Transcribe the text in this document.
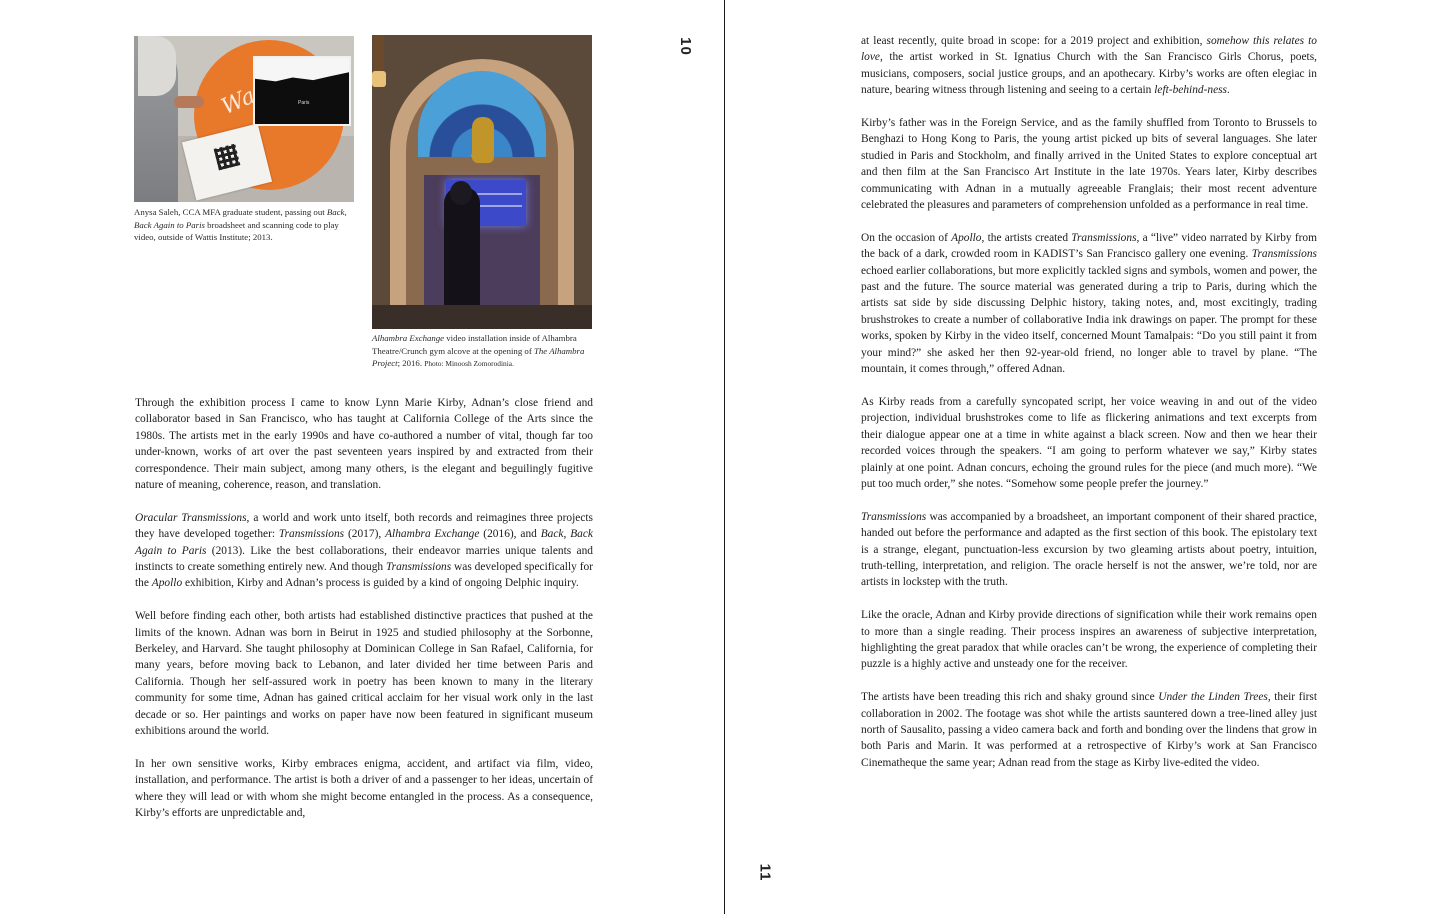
10
11
Paris

Anysa Saleh, CCA MFA graduate student, passing out Back, Back Again to Paris broadsheet and scanning code to play video, outside of Wattis Institute; 2013.

Alhambra Exchange video installation inside of Alhambra Theatre/Crunch gym alcove at the opening of The Alhambra Project; 2016. Photo: Minoosh Zomorodinia.

Through the exhibition process I came to know Lynn Marie Kirby, Adnan’s close friend and collaborator based in San Francisco, who has taught at California College of the Arts since the 1980s. The artists met in the early 1990s and have co-authored a number of vital, though far too under-known, works of art over the past seventeen years inspired by and extracted from their correspondence. Their main subject, among many others, is the elegant and beguilingly fugitive nature of meaning, coherence, reason, and translation.

Oracular Transmissions, a world and work unto itself, both records and reimagines three projects they have developed together: Transmissions (2017), Alhambra Exchange (2016), and Back, Back Again to Paris (2013). Like the best collaborations, their endeavor marries unique talents and instincts to create something entirely new. And though Transmissions was developed specifically for the Apollo exhibition, Kirby and Adnan’s process is guided by a kind of ongoing Delphic inquiry.

Well before finding each other, both artists had established distinctive practices that pushed at the limits of the known. Adnan was born in Beirut in 1925 and studied philosophy at the Sorbonne, Berkeley, and Harvard. She taught philosophy at Dominican College in San Rafael, California, for many years, before moving back to Lebanon, and later divided her time between Paris and California. Though her self-assured work in poetry has been known to many in the literary community for some time, Adnan has gained critical acclaim for her visual work only in the last decade or so. Her paintings and works on paper have now been featured in significant museum exhibitions around the world.

In her own sensitive works, Kirby embraces enigma, accident, and artifact via film, video, installation, and performance. The artist is both a driver of and a passenger to her ideas, uncertain of where they will lead or with whom she might become entangled in the process. As a consequence, Kirby’s efforts are unpredictable and,

at least recently, quite broad in scope: for a 2019 project and exhibition, somehow this relates to love, the artist worked in St. Ignatius Church with the San Francisco Girls Chorus, poets, musicians, composers, social justice groups, and an apothecary. Kirby’s works are often elegiac in nature, bearing witness through listening and seeing to a certain left-behind-ness.

Kirby’s father was in the Foreign Service, and as the family shuffled from Toronto to Brussels to Benghazi to Hong Kong to Paris, the young artist picked up bits of several languages. She later studied in Paris and Stockholm, and finally arrived in the United States to explore conceptual art and then film at the San Francisco Art Institute in the late 1970s. Years later, Kirby describes communicating with Adnan in a mutually agreeable Franglais; their most recent adventure celebrated the pleasures and parameters of comprehension unfolded as a performance in real time.

On the occasion of Apollo, the artists created Transmissions, a “live” video narrated by Kirby from the back of a dark, crowded room in KADIST’s San Francisco gallery one evening. Transmissions echoed earlier collaborations, but more explicitly tackled signs and symbols, women and power, the past and the future. The source material was generated during a trip to Paris, during which the artists sat side by side discussing Delphic history, taking notes, and, most excitingly, trading brushstrokes to create a number of collaborative India ink drawings on paper. The prompt for these works, spoken by Kirby in the video itself, concerned Mount Tamalpais: “Do you still paint it from your mind?” she asked her then 92-year-old friend, no longer able to travel by plane. “The mountain, it comes through,” offered Adnan.

As Kirby reads from a carefully syncopated script, her voice weaving in and out of the video projection, individual brushstrokes come to life as flickering animations and text excerpts from their dialogue appear one at a time in white against a black screen. Now and then we hear their recorded voices through the speakers. “I am going to perform whatever we say,” Kirby states plainly at one point. Adnan concurs, echoing the ground rules for the piece (and much more). “We put too much order,” she notes. “Somehow some people prefer the journey.”

Transmissions was accompanied by a broadsheet, an important component of their shared practice, handed out before the performance and adapted as the first section of this book. The epistolary text is a strange, elegant, punctuation-less excursion by two gleaming artists about poetry, intuition, truth-telling, interpretation, and religion. The oracle herself is not the answer, we’re told, nor are artists in lockstep with the truth.

Like the oracle, Adnan and Kirby provide directions of signification while their work remains open to more than a single reading. Their process inspires an awareness of subjective interpretation, highlighting the great paradox that while oracles can’t be wrong, the experience of completing their puzzle is a highly active and unsteady one for the receiver.

The artists have been treading this rich and shaky ground since Under the Linden Trees, their first collaboration in 2002. The footage was shot while the artists sauntered down a tree-lined alley just north of Sausalito, passing a video camera back and forth and bonding over the lindens that grow in both Paris and Marin. It was performed at a retrospective of Kirby’s work at San Francisco Cinematheque the same year; Adnan read from the stage as Kirby live-edited the video.
